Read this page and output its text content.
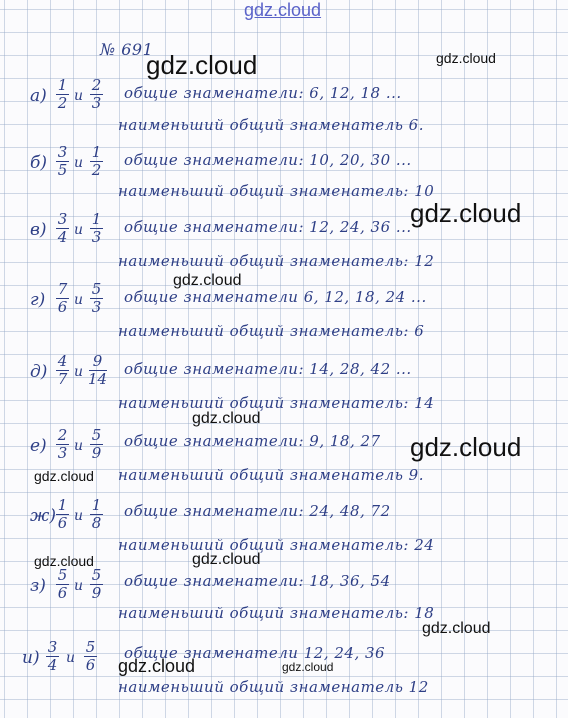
gdz.cloud
№ 691
gdz.cloud	gdz.cloud
gdz.cloud
gdz.cloud
gdz.cloud
gdz.cloud
gdz.cloud
gdz.cloud	gdz.cloud
gdz.cloud
gdz.cloud	gdz.cloud
а)
1
2 и
2
3
общие знаменатели: 6, 12, 18 ...
наименьший общий знаменатель 6.
б)
3
5 и
1
2
общие знаменатели: 10, 20, 30 ...
наименьший общий знаменатель: 10
в)
3
4 и
1
3
общие знаменатели: 12, 24, 36 ...
наименьший общий знаменатель: 12
г)
7
6 и
5
3
общие знаменатели 6, 12, 18, 24 ...
наименьший общий знаменатель: 6
д)
4
7 и
9
14
общие знаменатели: 14, 28, 42 ...
наименьший общий знаменатель: 14
е)
2
3 и
5
9
общие знаменатели: 9, 18, 27
наименьший общий знаменатель 9.
ж)
1
6 и
1
8
общие знаменатели: 24, 48, 72
наименьший общий знаменатель: 24
з)
5
6 и
5
9
общие знаменатели: 18, 36, 54
наименьший общий знаменатель: 18
и)
3
4 и
5
6
общие знаменатели 12, 24, 36
наименьший общий знаменатель 12
